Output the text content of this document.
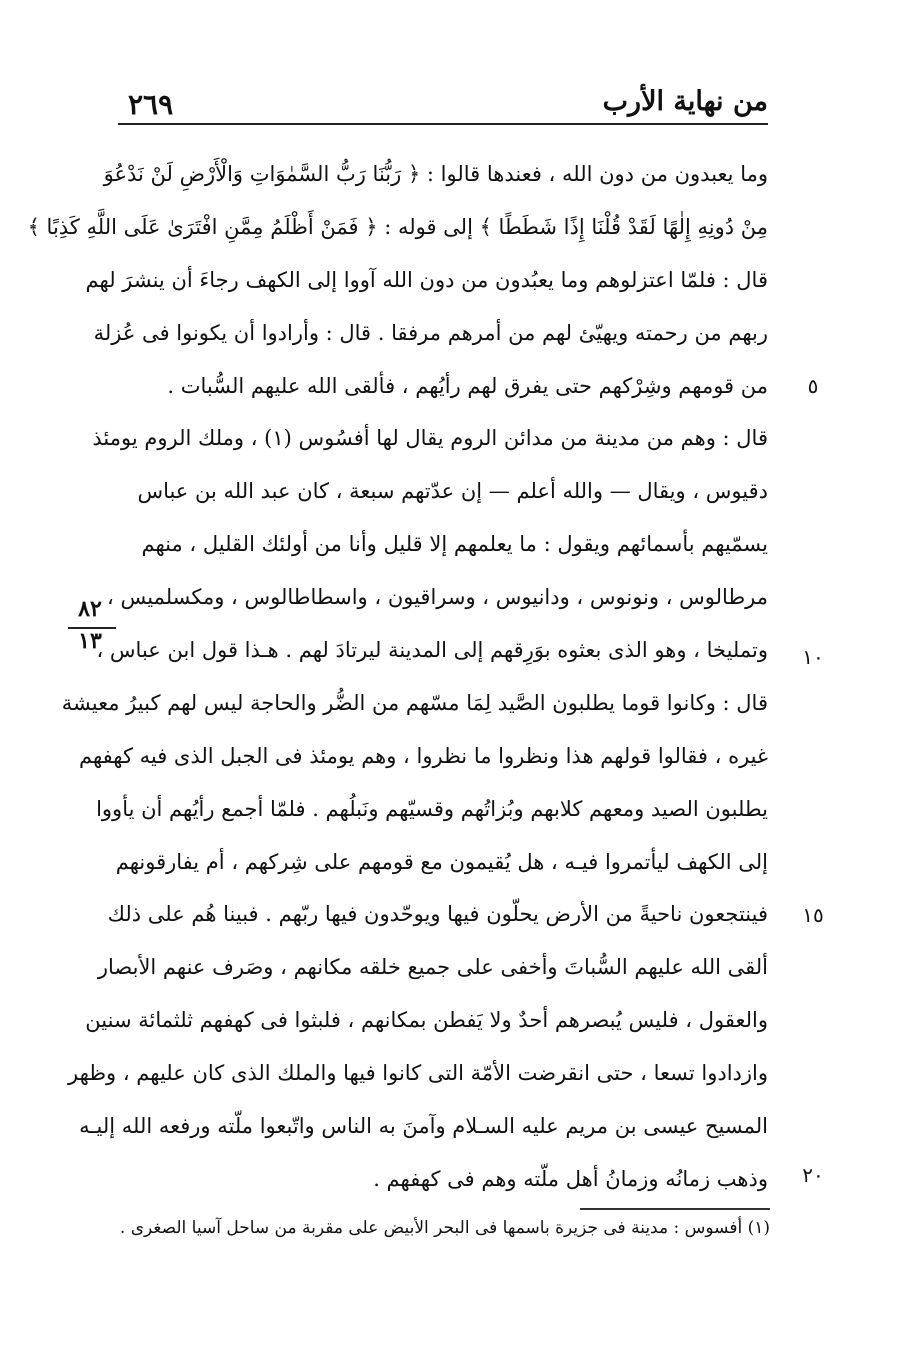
٢٦٩	من نهاية الأرب
وما يعبدون من دون الله ، فعندها قالوا : ﴿ رَبُّنَا رَبُّ السَّمٰوَاتِ وَالْأَرْضِ لَنْ نَدْعُوَ
مِنْ دُونِهِ إِلٰهًا لَقَدْ قُلْنَا إِذًا شَطَطًا ﴾ إلى قوله : ﴿ فَمَنْ أَظْلَمُ مِمَّنِ افْتَرَىٰ عَلَى اللَّهِ كَذِبًا ﴾
قال : فلمّا اعتزلوهم وما يعبُدون من دون الله آووا إلى الكهف رجاءَ أن ينشرَ لهم
ربهم من رحمته ويهيّئ لهم من أمرهم مرفقا . قال : وأرادوا أن يكونوا فى عُزلة
من قومهم وشِرْكهم حتى يفرق لهم رأيُهم ، فألقى الله عليهم السُّبات .
قال : وهم من مدينة من مدائن الروم يقال لها أفسُوس (١) ، وملك الروم يومئذ
دقيوس ، ويقال — والله أعلم — إن عدّتهم سبعة ، كان عبد الله بن عباس
يسمّيهم بأسمائهم ويقول : ما يعلمهم إلا قليل وأنا من أولئك القليل ، منهم
مرطالوس ، ونونوس ، ودانيوس ، وسراقيون ، واسطاطالوس ، ومكسلميس ،
وتمليخا ، وهو الذى بعثوه بوَرِقهم إلى المدينة ليرتادَ لهم . هـذا قول ابن عباس ،
قال : وكانوا قوما يطلبون الصَّيد لِمَا مسّهم من الضُّر والحاجة ليس لهم كبيرُ معيشة
غيره ، فقالوا قولهم هذا ونظروا ما نظروا ، وهم يومئذ فى الجبل الذى فيه كهفهم
يطلبون الصيد ومعهم كلابهم وبُزاتُهم وقسيّهم ونَبلُهم . فلمّا أجمع رأيُهم أن يأووا
إلى الكهف ليأتمروا فيـه ، هل يُقيمون مع قومهم على شِركهم ، أم يفارقونهم
فينتجعون ناحيةً من الأرض يحلّون فيها ويوحّدون فيها ربّهم . فبينا هُم على ذلك
ألقى الله عليهم السُّباتَ وأخفى على جميع خلقه مكانهم ، وصَرف عنهم الأبصار
والعقول ، فليس يُبصرهم أحدٌ ولا يَفطن بمكانهم ، فلبثوا فى كهفهم ثلثمائة سنين
وازدادوا تسعا ، حتى انقرضت الأمّة التى كانوا فيها والملك الذى كان عليهم ، وظهر
المسيح عيسى بن مريم عليه السـلام وآمنَ به الناس واتّبعوا ملّته ورفعه الله إليـه
وذهب زمانُه وزمانُ أهل ملّته وهم فى كهفهم .
٥
١٠
١٥
٢٠
٨٢
١٣
(١) أفسوس : مدينة فى جزيرة باسمها فى البحر الأبيض على مقربة من ساحل آسيا الصغرى .
